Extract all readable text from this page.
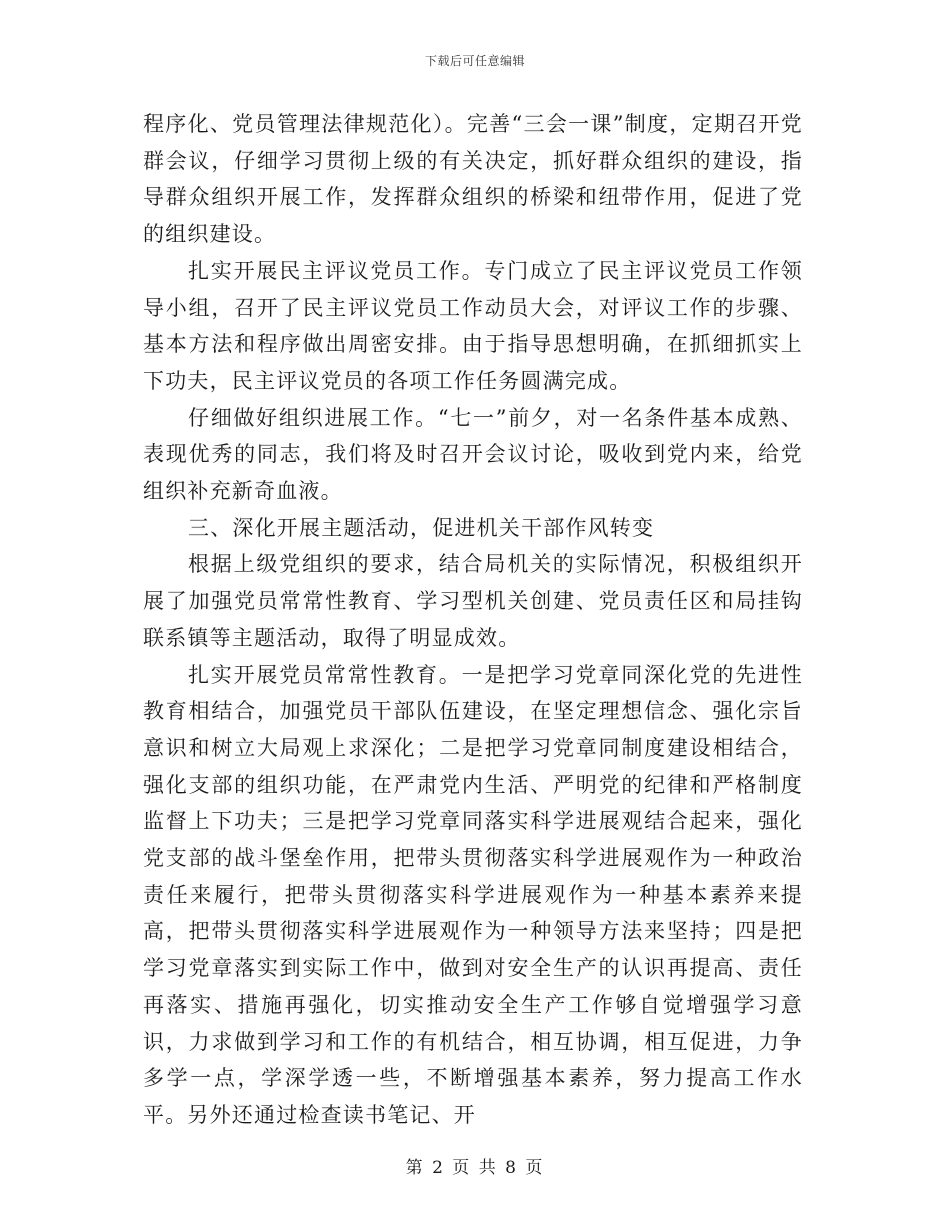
下载后可任意编辑

程序化、党员管理法律规范化）。完善“三会一课”制度，定期召开党群会议，仔细学习贯彻上级的有关决定，抓好群众组织的建设，指导群众组织开展工作，发挥群众组织的桥梁和纽带作用，促进了党的组织建设。

扎实开展民主评议党员工作。专门成立了民主评议党员工作领导小组，召开了民主评议党员工作动员大会，对评议工作的步骤、基本方法和程序做出周密安排。由于指导思想明确，在抓细抓实上下功夫，民主评议党员的各项工作任务圆满完成。

仔细做好组织进展工作。“七一”前夕，对一名条件基本成熟、表现优秀的同志，我们将及时召开会议讨论，吸收到党内来，给党组织补充新奇血液。

三、深化开展主题活动，促进机关干部作风转变

根据上级党组织的要求，结合局机关的实际情况，积极组织开展了加强党员常常性教育、学习型机关创建、党员责任区和局挂钩联系镇等主题活动，取得了明显成效。

扎实开展党员常常性教育。一是把学习党章同深化党的先进性教育相结合，加强党员干部队伍建设，在坚定理想信念、强化宗旨意识和树立大局观上求深化；二是把学习党章同制度建设相结合，强化支部的组织功能，在严肃党内生活、严明党的纪律和严格制度监督上下功夫；三是把学习党章同落实科学进展观结合起来，强化党支部的战斗堡垒作用，把带头贯彻落实科学进展观作为一种政治责任来履行，把带头贯彻落实科学进展观作为一种基本素养来提高，把带头贯彻落实科学进展观作为一种领导方法来坚持；四是把学习党章落实到实际工作中，做到对安全生产的认识再提高、责任再落实、措施再强化，切实推动安全生产工作够自觉增强学习意识，力求做到学习和工作的有机结合，相互协调，相互促进，力争多学一点，学深学透一些，不断增强基本素养，努力提高工作水平。另外还通过检查读书笔记、开

第 2 页 共 8 页
